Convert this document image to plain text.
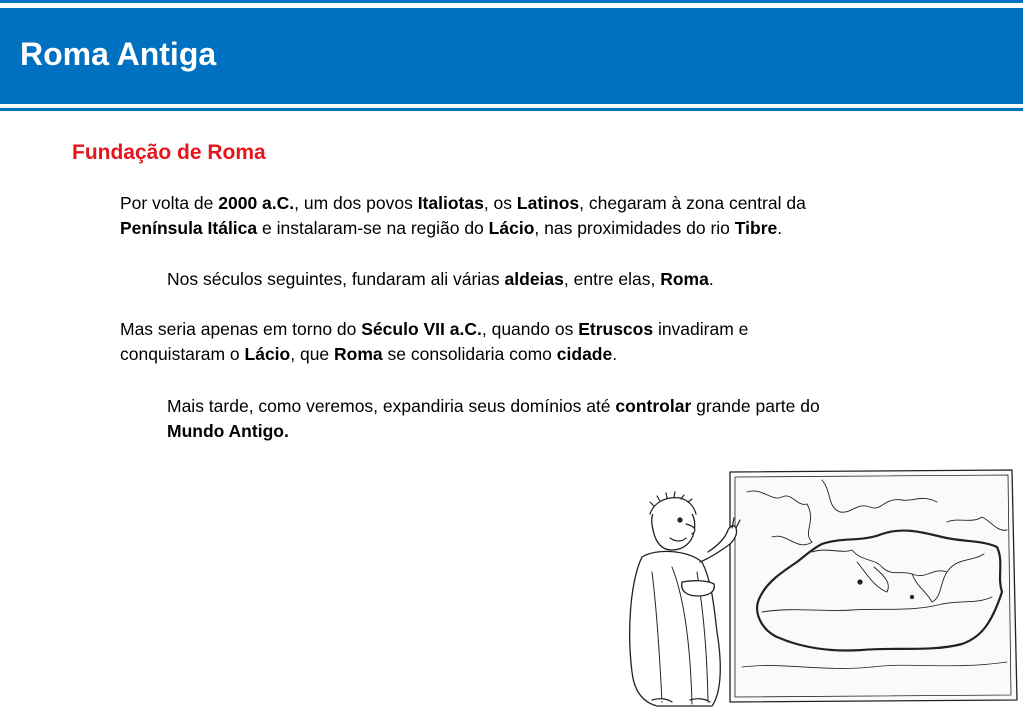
Roma Antiga
Fundação de Roma

Por volta de 2000 a.C., um dos povos Italiotas, os Latinos, chegaram à zona central da
Península Itálica e instalaram-se na região do Lácio, nas proximidades do rio Tibre.

Nos séculos seguintes, fundaram ali várias aldeias, entre elas, Roma.

Mas seria apenas em torno do Século VII a.C., quando os Etruscos invadiram e
conquistaram o Lácio, que Roma se consolidaria como cidade.

Mais tarde, como veremos, expandiria seus domínios até controlar grande parte do
Mundo Antigo.
